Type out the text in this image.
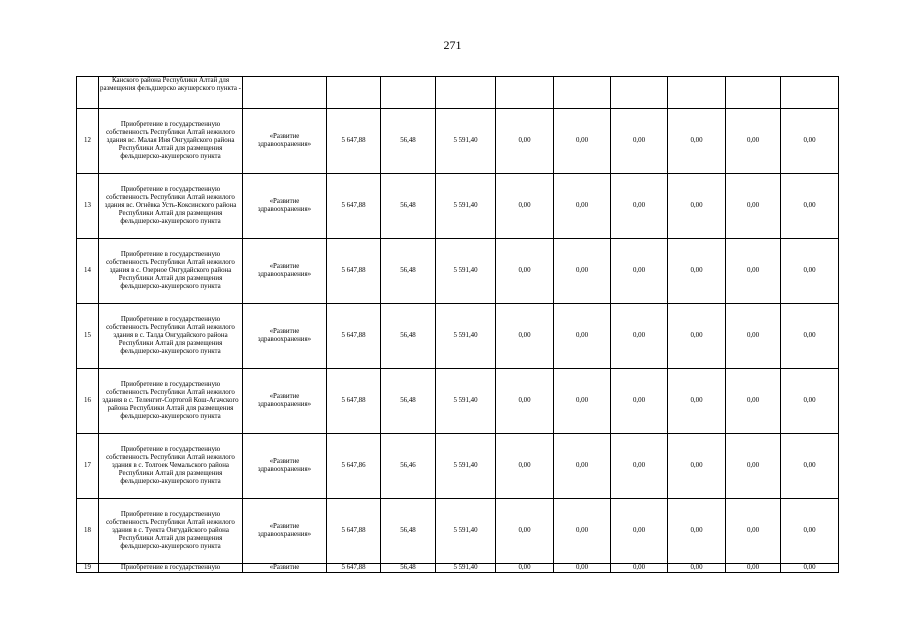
271
	Канского района Республики Алтай для размещения фельдшерско акушерского пункта -										
12	Приобретение в государственную собственность Республики Алтай нежилого здания вс. Малая Иня Онгудайского района Республики Алтай для размещения фельдшерско-акушерского пункта	«Развитие здравоохранения»	5 647,88	56,48	5 591,40	0,00	0,00	0,00	0,00	0,00	0,00
13	Приобретение в государственную собственность Республики Алтай нежилого здания вс. Огнёвка Усть-Коксинского района Республики Алтай для размещения фельдшерско-акушерского пункта	«Развитие здравоохранения»	5 647,88	56,48	5 591,40	0,00	0,00	0,00	0,00	0,00	0,00
14	Приобретение в государственную собственность Республики Алтай нежилого здания в с. Озерное Онгудайского района Республики Алтай для размещения фельдшерско-акушерского пункта	«Развитие здравоохранения»	5 647,88	56,48	5 591,40	0,00	0,00	0,00	0,00	0,00	0,00
15	Приобретение в государственную собственность Республики Алтай нежилого здания в с. Талда Онгудайского района Республики Алтай для размещения фельдшерско-акушерского пункта	«Развитие здравоохранения»	5 647,88	56,48	5 591,40	0,00	0,00	0,00	0,00	0,00	0,00
16	Приобретение в государственную собственность Республики Алтай нежилого здания в с. Теленгит-Сортогой Кош-Агачского района Республики Алтай для размещения фельдшерско-акушерского пункта	«Развитие здравоохранения»	5 647,88	56,48	5 591,40	0,00	0,00	0,00	0,00	0,00	0,00
17	Приобретение в государственную собственность Республики Алтай нежилого здания в с. Толгоек Чемальского района Республики Алтай для размещения фельдшерско-акушерского пункта	«Развитие здравоохранения»	5 647,86	56,46	5 591,40	0,00	0,00	0,00	0,00	0,00	0,00
18	Приобретение в государственную собственность Республики Алтай нежилого здания в с. Туекта Онгудайского района Республики Алтай для размещения фельдшерско-акушерского пункта	«Развитие здравоохранения»	5 647,88	56,48	5 591,40	0,00	0,00	0,00	0,00	0,00	0,00
19	Приобретение в государственную	«Развитие	5 647,88	56,48	5 591,40	0,00	0,00	0,00	0,00	0,00	0,00
